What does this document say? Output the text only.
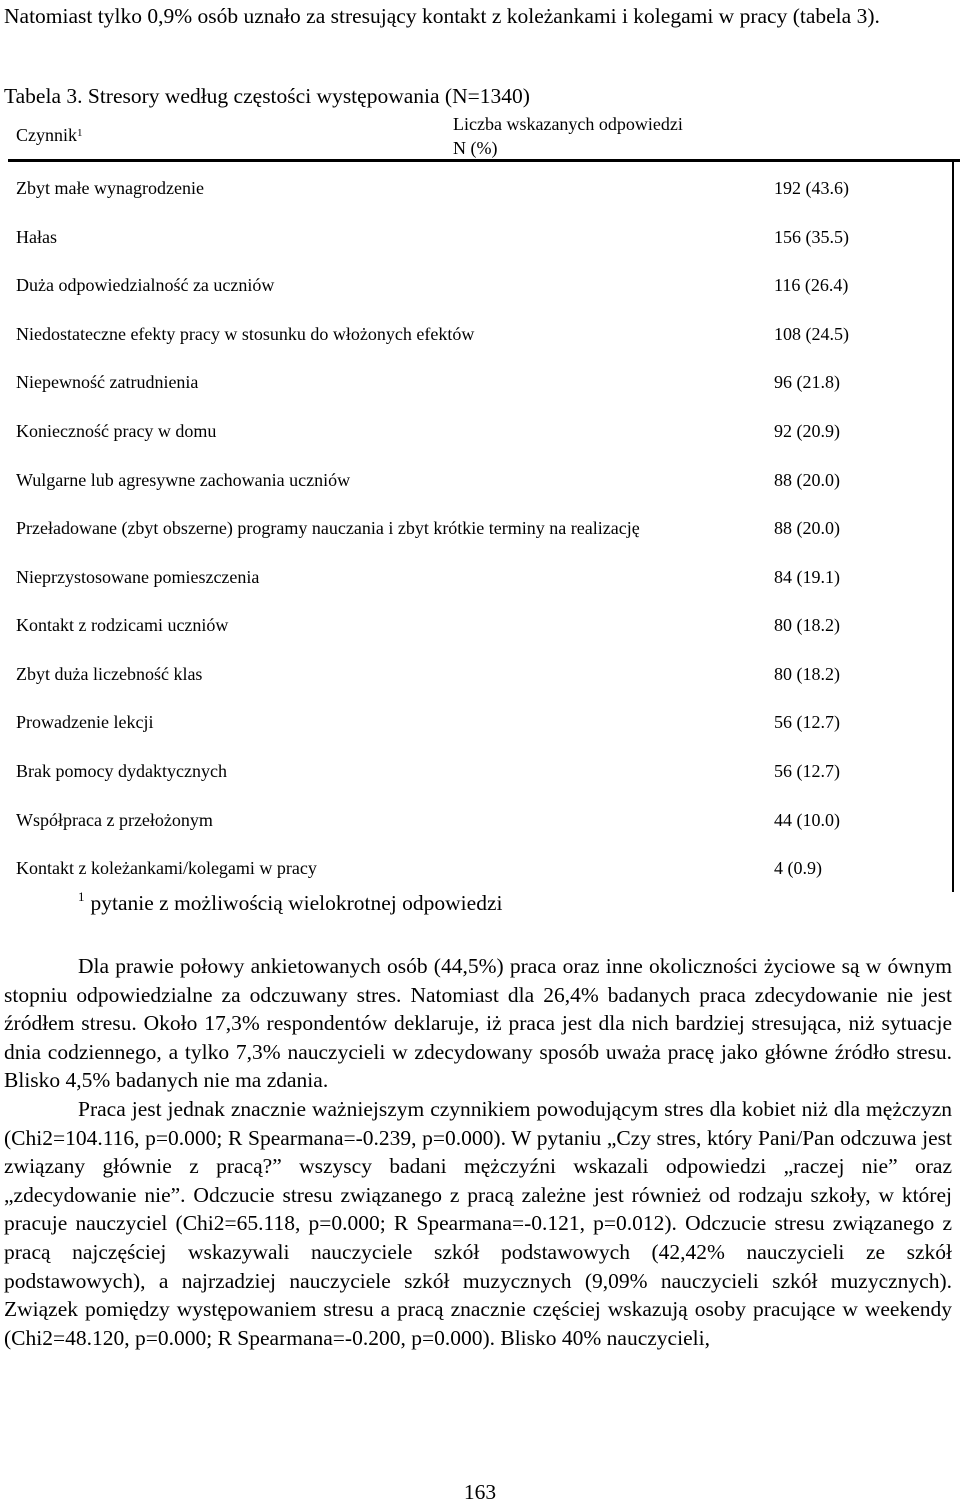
Natomiast tylko 0,9% osób uznało za stresujący kontakt z koleżankami i kolegami w pracy (tabela 3).
Tabela 3. Stresory według częstości występowania (N=1340)
Czynnik$^1$	Liczba wskazanych odpowiedzi
N (%)
Zbyt małe wynagrodzenie	192 (43.6)
Hałas	156 (35.5)
Duża odpowiedzialność za uczniów	116 (26.4)
Niedostateczne efekty pracy w stosunku do włożonych efektów	108 (24.5)
Niepewność zatrudnienia	96 (21.8)
Konieczność pracy w domu	92 (20.9)
Wulgarne lub agresywne zachowania uczniów	88 (20.0)
Przeładowane (zbyt obszerne) programy nauczania i zbyt krótkie terminy na realizację	88 (20.0)
Nieprzystosowane pomieszczenia	84 (19.1)
Kontakt z rodzicami uczniów	80 (18.2)
Zbyt duża liczebność klas	80 (18.2)
Prowadzenie lekcji	56 (12.7)
Brak pomocy dydaktycznych	56 (12.7)
Współpraca z przełożonym	44 (10.0)
Kontakt z koleżankami/kolegami w pracy	4 (0.9)
$^1$ pytanie z możliwością wielokrotnej odpowiedzi

Dla prawie połowy ankietowanych osób (44,5%) praca oraz inne okoliczności życiowe są w ównym stopniu odpowiedzialne za odczuwany stres. Natomiast dla 26,4% badanych praca zdecydowanie nie jest źródłem stresu. Około 17,3% respondentów deklaruje, iż praca jest dla nich bardziej stresująca, niż sytuacje dnia codziennego, a tylko 7,3% nauczycieli w zdecydowany sposób uważa pracę jako główne źródło stresu. Blisko 4,5% badanych nie ma zdania.

Praca jest jednak znacznie ważniejszym czynnikiem powodującym stres dla kobiet niż dla mężczyzn (Chi2=104.116, p=0.000; R Spearmana=-0.239, p=0.000). W pytaniu „Czy stres, który Pani/Pan odczuwa jest związany głównie z pracą?” wszyscy badani mężczyźni wskazali odpowiedzi „raczej nie” oraz „zdecydowanie nie”. Odczucie stresu związanego z pracą zależne jest również od rodzaju szkoły, w której pracuje nauczyciel (Chi2=65.118, p=0.000; R Spearmana=-0.121, p=0.012). Odczucie stresu związanego z pracą najczęściej wskazywali nauczyciele szkół podstawowych (42,42% nauczycieli ze szkół podstawowych), a najrzadziej nauczyciele szkół muzycznych (9,09% nauczycieli szkół muzycznych). Związek pomiędzy występowaniem stresu a pracą znacznie częściej wskazują osoby pracujące w weekendy (Chi2=48.120, p=0.000; R Spearmana=-0.200, p=0.000). Blisko 40% nauczycieli,

163
